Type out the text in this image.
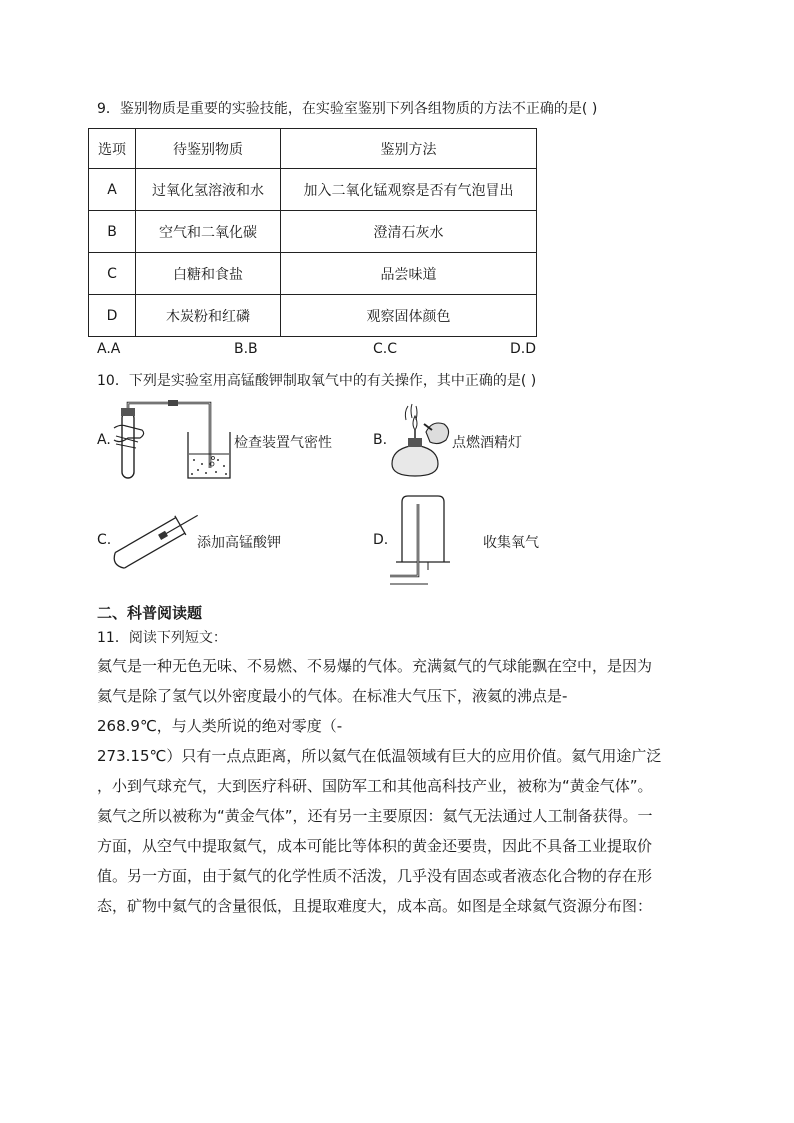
9．鉴别物质是重要的实验技能，在实验室鉴别下列各组物质的方法不正确的是( )
选项	待鉴别物质	鉴别方法
A	过氧化氢溶液和水	加入二氧化锰观察是否有气泡冒出
B	空气和二氧化碳	澄清石灰水
C	白糖和食盐	品尝味道
D	木炭粉和红磷	观察固体颜色
A.A	B.B	C.C	D.D
10．下列是实验室用高锰酸钾制取氧气中的有关操作，其中正确的是( )
A.	检查装置气密性	B.	点燃酒精灯
C.	添加高锰酸钾	D.	收集氧气
二、科普阅读题
11．阅读下列短文：
氦气是一种无色无味、不易燃、不易爆的气体。充满氦气的气球能飘在空中，是因为
氦气是除了氢气以外密度最小的气体。在标准大气压下，液氦的沸点是-
268.9℃，与人类所说的绝对零度（-
273.15℃）只有一点点距离，所以氦气在低温领域有巨大的应用价值。氦气用途广泛
，小到气球充气，大到医疗科研、国防军工和其他高科技产业，被称为“黄金气体”。
氦气之所以被称为“黄金气体”，还有另一主要原因：氦气无法通过人工制备获得。一
方面，从空气中提取氦气，成本可能比等体积的黄金还要贵，因此不具备工业提取价
值。另一方面，由于氦气的化学性质不活泼，几乎没有固态或者液态化合物的存在形
态，矿物中氦气的含量很低，且提取难度大，成本高。如图是全球氦气资源分布图：
